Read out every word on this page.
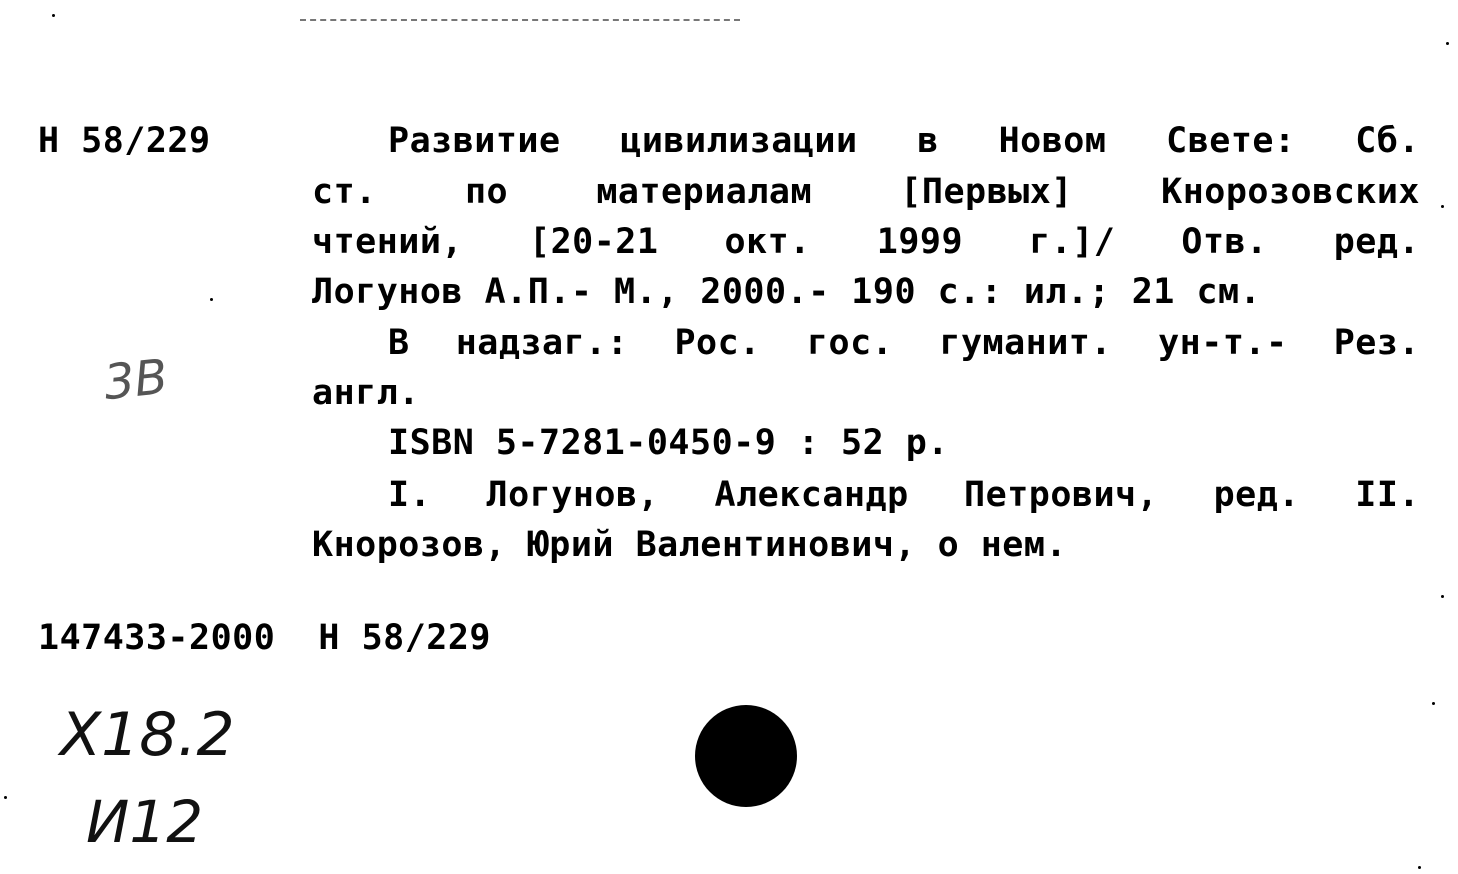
Н 58/229	Развитие цивилизации в Новом Свете: Сб.
ст. по материалам [Первых] Кнорозовских
чтений, [20-21 окт. 1999 г.]/ Отв. ред.
Логунов А.П.- М., 2000.- 190 с.: ил.; 21 см.
В надзаг.: Рос. гос. гуманит. ун-т.- Рез.
англ.
ISBN 5-7281-0450-9 : 52 р.
I. Логунов, Александр Петрович, ред. II.
Кнорозов, Юрий Валентинович, о нем.
147433-2000  Н 58/229
3В
Х18.2
И12
